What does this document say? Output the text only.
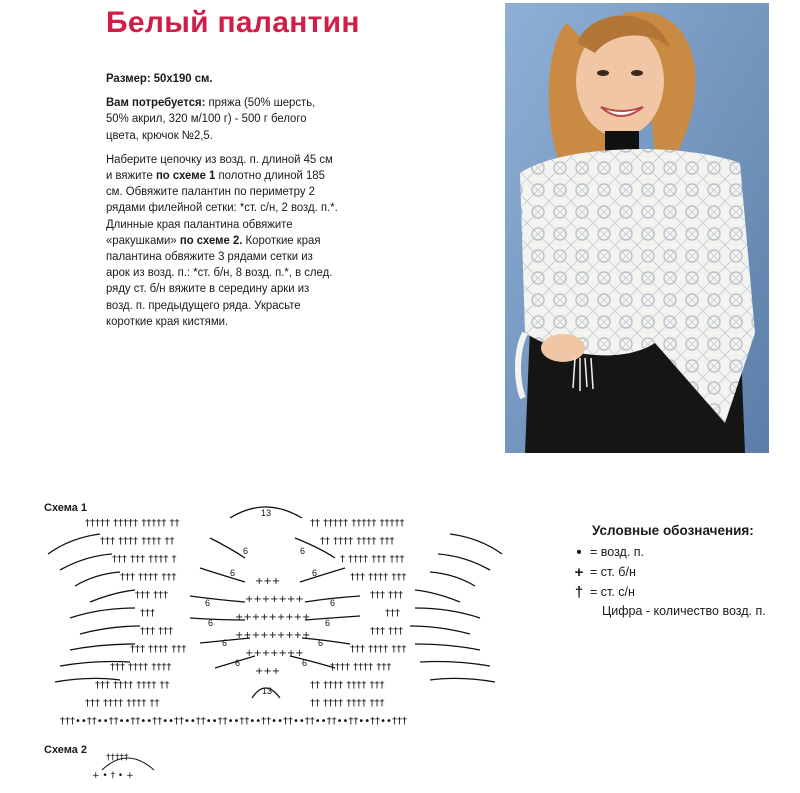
Белый палантин

Размер: 50х190 см.

Вам потребуется: пряжа (50% шерсть, 50% акрил, 320 м/100 г) - 500 г белого цвета, крючок №2,5.

Наберите цепочку из возд. п. длиной 45 см и вяжите по схеме 1 полотно длиной 185 см. Обвяжите палантин по периметру 2 рядами филейной сетки: *ст. с/н, 2 возд. п.*. Длинные края палантина обвяжите «ракушками» по схеме 2. Короткие края палантина обвяжите 3 рядами сетки из арок из возд. п.: *ст. б/н, 8 возд. п.*, в след. ряду ст. б/н вяжите в середину арки из возд. п. предыдущего ряда. Украсьте короткие края кистями.

Схема 1
††††† ††††† ††††† ††	†† ††††† ††††† †††††
††† †††† †††† ††	†† †††† †††† †††
††† ††† †††† †	† †††† ††† †††
††† †††† †††	††† †††† †††
††† †††	††† †††
†††	†††
††† †††	††† †††
††† †††† †††	††† †††† †††
††† †††† ††††	†††† †††† †††
††† †††† †††† ††	†† †††† †††† †††
††† †††† †††† ††	†† †††† †††† †††
†††••††••††••††••††••††••††••††••††••††••††••††••††••††••††••†††
+++
+++++++
+++++++++
+++++++++
+++++++
+++
13
13
6	6
6	6
6	6
6	6
6	6
6	6
Условные обозначения:
• = возд. п.
+ = ст. б/н
† = ст. с/н
Цифра - количество возд. п.
Схема 2
†††††
+ • † • +
